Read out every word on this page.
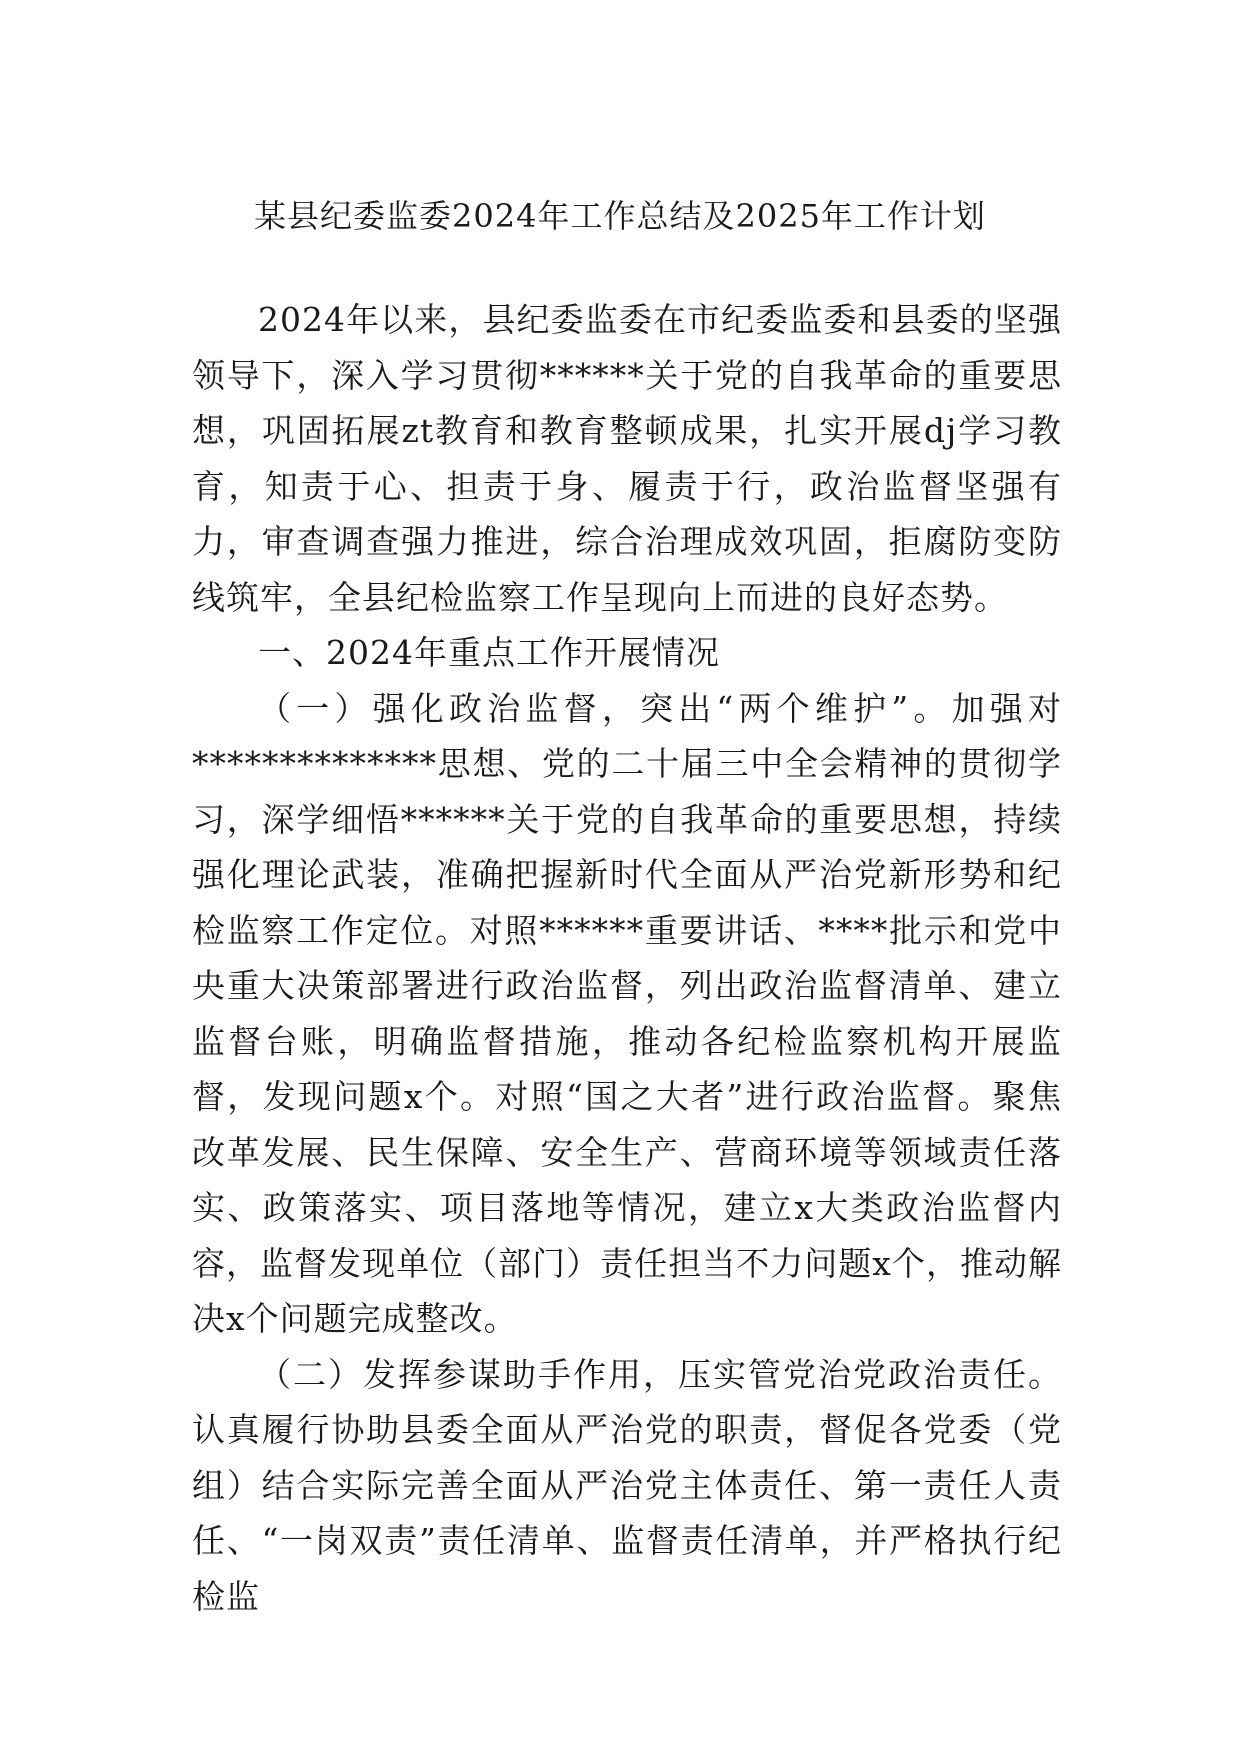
某县纪委监委2024年工作总结及2025年工作计划

2024年以来，县纪委监委在市纪委监委和县委的坚强领导下，深入学习贯彻******关于党的自我革命的重要思想，巩固拓展zt教育和教育整顿成果，扎实开展dj学习教育，知责于心、担责于身、履责于行，政治监督坚强有力，审查调查强力推进，综合治理成效巩固，拒腐防变防线筑牢，全县纪检监察工作呈现向上而进的良好态势。

一、2024年重点工作开展情况

（一）强化政治监督，突出“两个维护”。加强对**************思想、党的二十届三中全会精神的贯彻学习，深学细悟******关于党的自我革命的重要思想，持续强化理论武装，准确把握新时代全面从严治党新形势和纪检监察工作定位。对照******重要讲话、****批示和党中央重大决策部署进行政治监督，列出政治监督清单、建立监督台账，明确监督措施，推动各纪检监察机构开展监督，发现问题x个。对照“国之大者”进行政治监督。聚焦改革发展、民生保障、安全生产、营商环境等领域责任落实、政策落实、项目落地等情况，建立x大类政治监督内容，监督发现单位（部门）责任担当不力问题x个，推动解决x个问题完成整改。

（二）发挥参谋助手作用，压实管党治党政治责任。认真履行协助县委全面从严治党的职责，督促各党委（党组）结合实际完善全面从严治党主体责任、第一责任人责任、“一岗双责”责任清单、监督责任清单，并严格执行纪检监
